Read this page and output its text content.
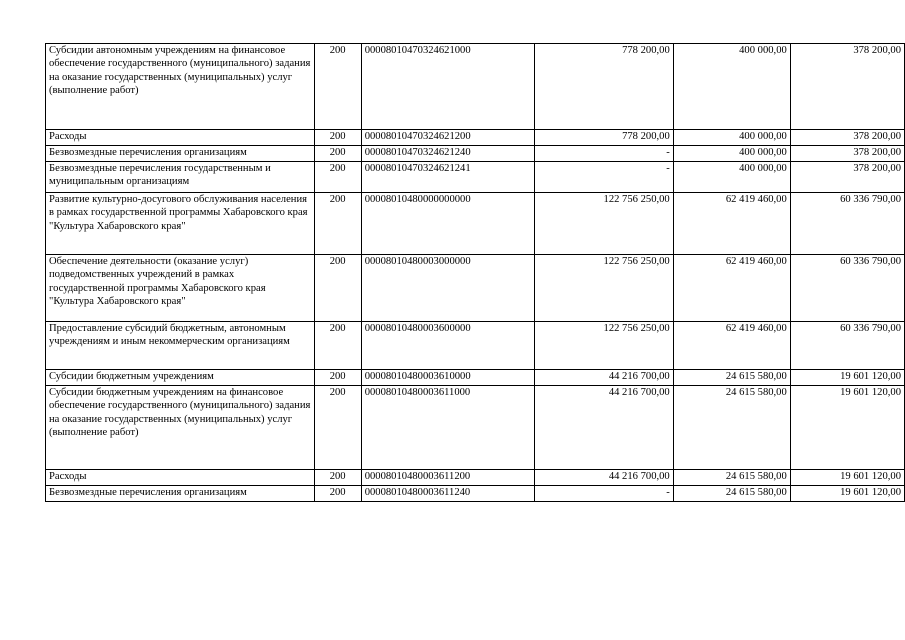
Субсидии автономным учреждениям на финансовое обеспечение государственного (муниципального) задания на оказание государственных (муниципальных) услуг (выполнение работ)	200	00008010470324621000	778 200,00	400 000,00	378 200,00
Расходы	200	00008010470324621200	778 200,00	400 000,00	378 200,00
Безвозмездные перечисления организациям	200	00008010470324621240	-	400 000,00	378 200,00
Безвозмездные перечисления государственным и муниципальным организациям	200	00008010470324621241	-	400 000,00	378 200,00
Развитие культурно-досугового обслуживания населения в рамках государственной программы Хабаровского края "Культура Хабаровского края"	200	00008010480000000000	122 756 250,00	62 419 460,00	60 336 790,00
Обеспечение деятельности (оказание услуг) подведомственных учреждений в рамках государственной программы Хабаровского края "Культура Хабаровского края"	200	00008010480003000000	122 756 250,00	62 419 460,00	60 336 790,00
Предоставление субсидий бюджетным, автономным учреждениям и иным некоммерческим организациям	200	00008010480003600000	122 756 250,00	62 419 460,00	60 336 790,00
Субсидии бюджетным учреждениям	200	00008010480003610000	44 216 700,00	24 615 580,00	19 601 120,00
Субсидии бюджетным учреждениям на финансовое обеспечение государственного (муниципального) задания на оказание государственных (муниципальных) услуг (выполнение работ)	200	00008010480003611000	44 216 700,00	24 615 580,00	19 601 120,00
Расходы	200	00008010480003611200	44 216 700,00	24 615 580,00	19 601 120,00
Безвозмездные перечисления организациям	200	00008010480003611240	-	24 615 580,00	19 601 120,00
